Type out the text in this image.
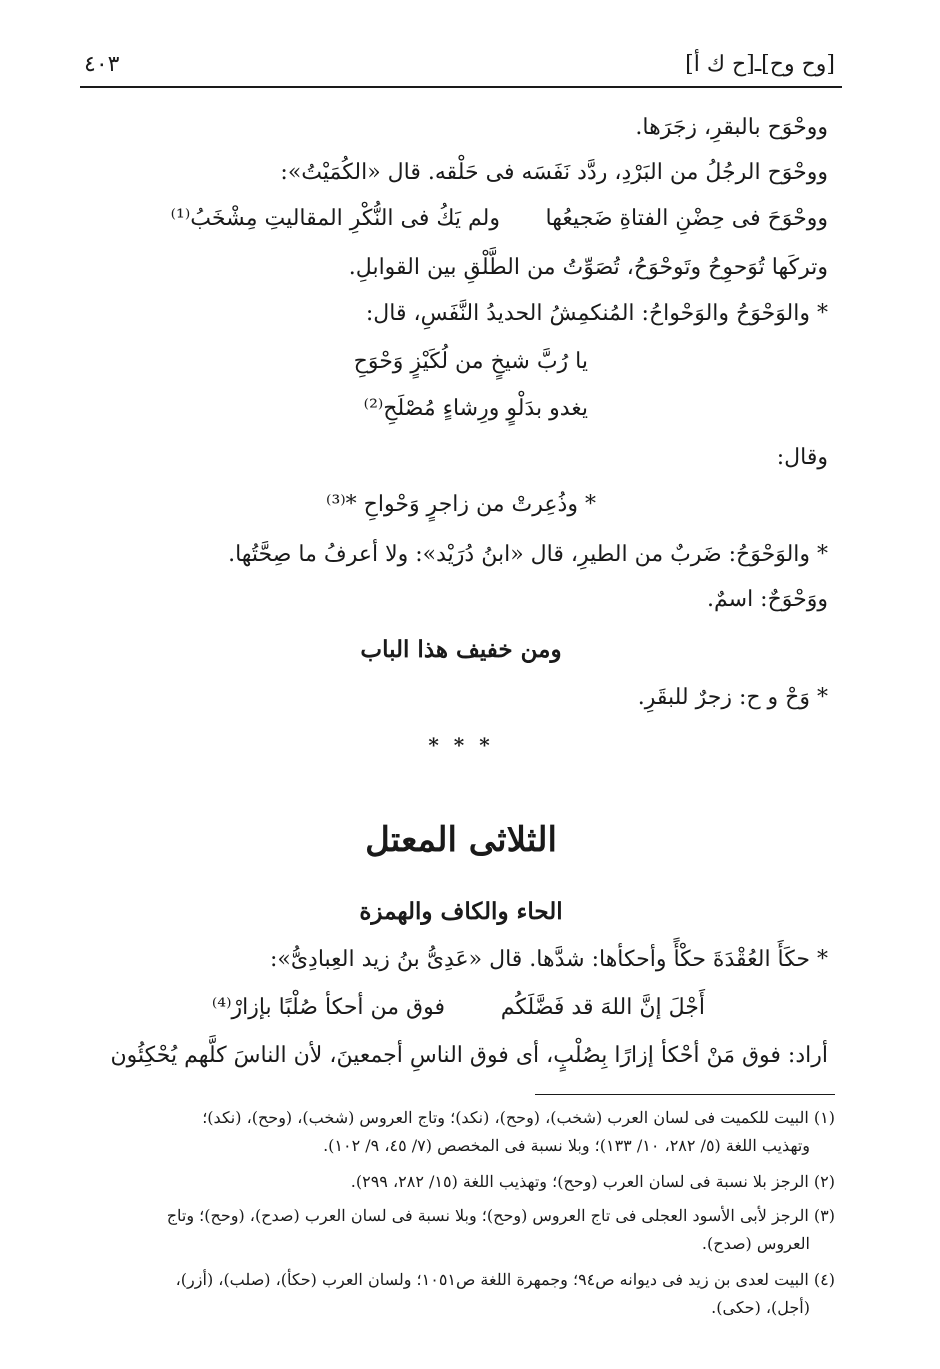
[وح وح]ـ[ح ك أ]
٤٠٣
ووحْوَح بالبقرِ، زجَرَها.
ووحْوَح الرجُلُ من البَرْدِ، ردَّد نَفَسَه فى حَلْقه. قال «الكُمَيْتُ»:
ووحْوَحَ فى حِضْنِ الفتاةِ ضَجيعُها
ولم يَكُ فى النُّكْرِ المقاليتِ مِشْخَبُ⁽¹⁾
وتركَها تُوَحوِحُ وتَوحْوَحُ، تُصَوِّتُ من الطَّلْقِ بين القوابلِ.
* والوَحْوَحُ والوَحْواحُ: المُنكمِشُ الحديدُ النَّفَسِ، قال:
يا رُبَّ شيخٍ من لُكَيْزٍ وَحْوَحِ
يغدو بدَلْوٍ ورِشاءٍ مُصْلَحِ⁽²⁾
وقال:
* وذُعِرتْ من زاجرٍ وَحْواحِ *⁽³⁾
* والوَحْوَحُ: ضَربٌ من الطيرِ، قال «ابنُ دُرَيْد»: ولا أعرفُ ما صِحَّتُها.
ووَحْوَحٌ: اسمٌ.
ومن خفيف هذا الباب
* وَحْ و ح: زجرٌ للبقَرِ.
* * *
الثلاثى المعتل
الحاء والكاف والهمزة
* حكَأَ العُقْدَةَ حكْأً وأحكأها: شدَّها. قال «عَدِىُّ بنُ زيد العِبادِىُّ»:
أَجْلَ إنَّ اللهَ قد فَضَّلَكُم
فوق من أحكأ صُلْبًا بإزارْ⁽⁴⁾
أراد: فوق مَنْ أحْكأ إزارًا بِصُلْبٍ، أى فوق الناسِ أجمعينَ، لأن الناسَ كلَّهم يُحْكِئُون
(١) البيت للكميت فى لسان العرب (شخب)، (وحح)، (نكد)؛ وتاج العروس (شخب)، (وحح)، (نكد)؛
وتهذيب اللغة (٥/ ٢٨٢، ١٠/ ١٣٣)؛ وبلا نسبة فى المخصص (٧/ ٤٥، ٩/ ١٠٢).
(٢) الرجز بلا نسبة فى لسان العرب (وحح)؛ وتهذيب اللغة (١٥/ ٢٨٢، ٢٩٩).
(٣) الرجز لأبى الأسود العجلى فى تاج العروس (وحح)؛ وبلا نسبة فى لسان العرب (صدح)، (وحح)؛ وتاج
العروس (صدح).
(٤) البيت لعدى بن زيد فى ديوانه ص٩٤؛ وجمهرة اللغة ص١٠٥١؛ ولسان العرب (حكأ)، (صلب)، (أزر)،
(أجل)، (حكى).
